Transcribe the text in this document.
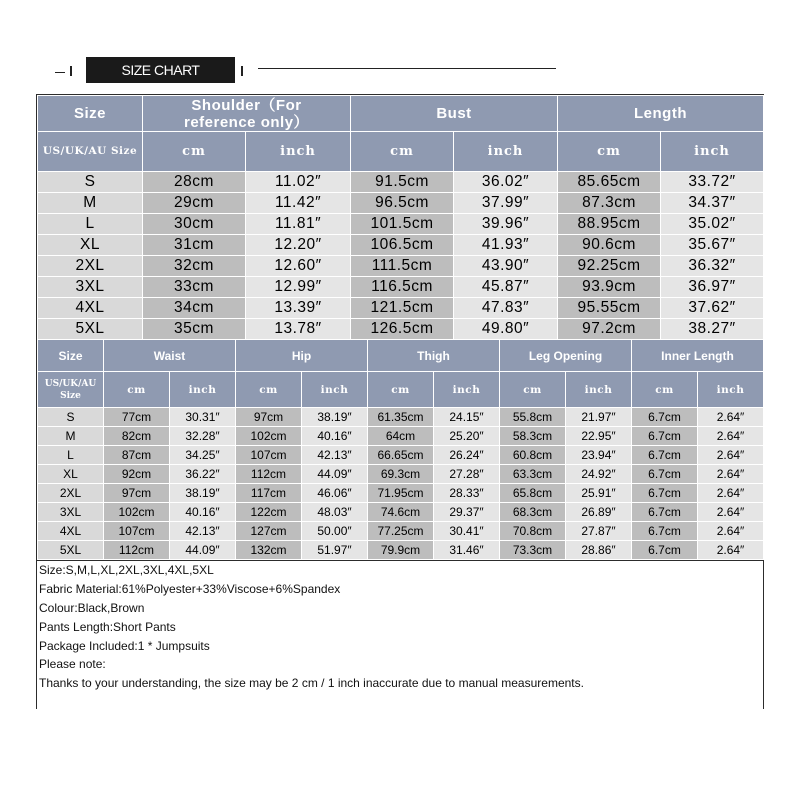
SIZE CHART
Size	Shoulder（For reference only）		Bust		Length	
US/UK/AU Size	cm	inch	cm	inch	cm	inch
S	28cm	11.02″	91.5cm	36.02″	85.65cm	33.72″
M	29cm	11.42″	96.5cm	37.99″	87.3cm	34.37″
L	30cm	11.81″	101.5cm	39.96″	88.95cm	35.02″
XL	31cm	12.20″	106.5cm	41.93″	90.6cm	35.67″
2XL	32cm	12.60″	111.5cm	43.90″	92.25cm	36.32″
3XL	33cm	12.99″	116.5cm	45.87″	93.9cm	36.97″
4XL	34cm	13.39″	121.5cm	47.83″	95.55cm	37.62″
5XL	35cm	13.78″	126.5cm	49.80″	97.2cm	38.27″
Size	Waist		Hip		Thigh		Leg Opening		Inner Length	
US/UK/AU Size	cm	inch	cm	inch	cm	inch	cm	inch	cm	inch
S	77cm	30.31″	97cm	38.19″	61.35cm	24.15″	55.8cm	21.97″	6.7cm	2.64″
M	82cm	32.28″	102cm	40.16″	64cm	25.20″	58.3cm	22.95″	6.7cm	2.64″
L	87cm	34.25″	107cm	42.13″	66.65cm	26.24″	60.8cm	23.94″	6.7cm	2.64″
XL	92cm	36.22″	112cm	44.09″	69.3cm	27.28″	63.3cm	24.92″	6.7cm	2.64″
2XL	97cm	38.19″	117cm	46.06″	71.95cm	28.33″	65.8cm	25.91″	6.7cm	2.64″
3XL	102cm	40.16″	122cm	48.03″	74.6cm	29.37″	68.3cm	26.89″	6.7cm	2.64″
4XL	107cm	42.13″	127cm	50.00″	77.25cm	30.41″	70.8cm	27.87″	6.7cm	2.64″
5XL	112cm	44.09″	132cm	51.97″	79.9cm	31.46″	73.3cm	28.86″	6.7cm	2.64″
Size:S,M,L,XL,2XL,3XL,4XL,5XL
Fabric Material:61%Polyester+33%Viscose+6%Spandex
Colour:Black,Brown
Pants Length:Short Pants
Package Included:1 * Jumpsuits
Please note:
Thanks to your understanding, the size may be 2 cm / 1 inch inaccurate due to manual measurements.
